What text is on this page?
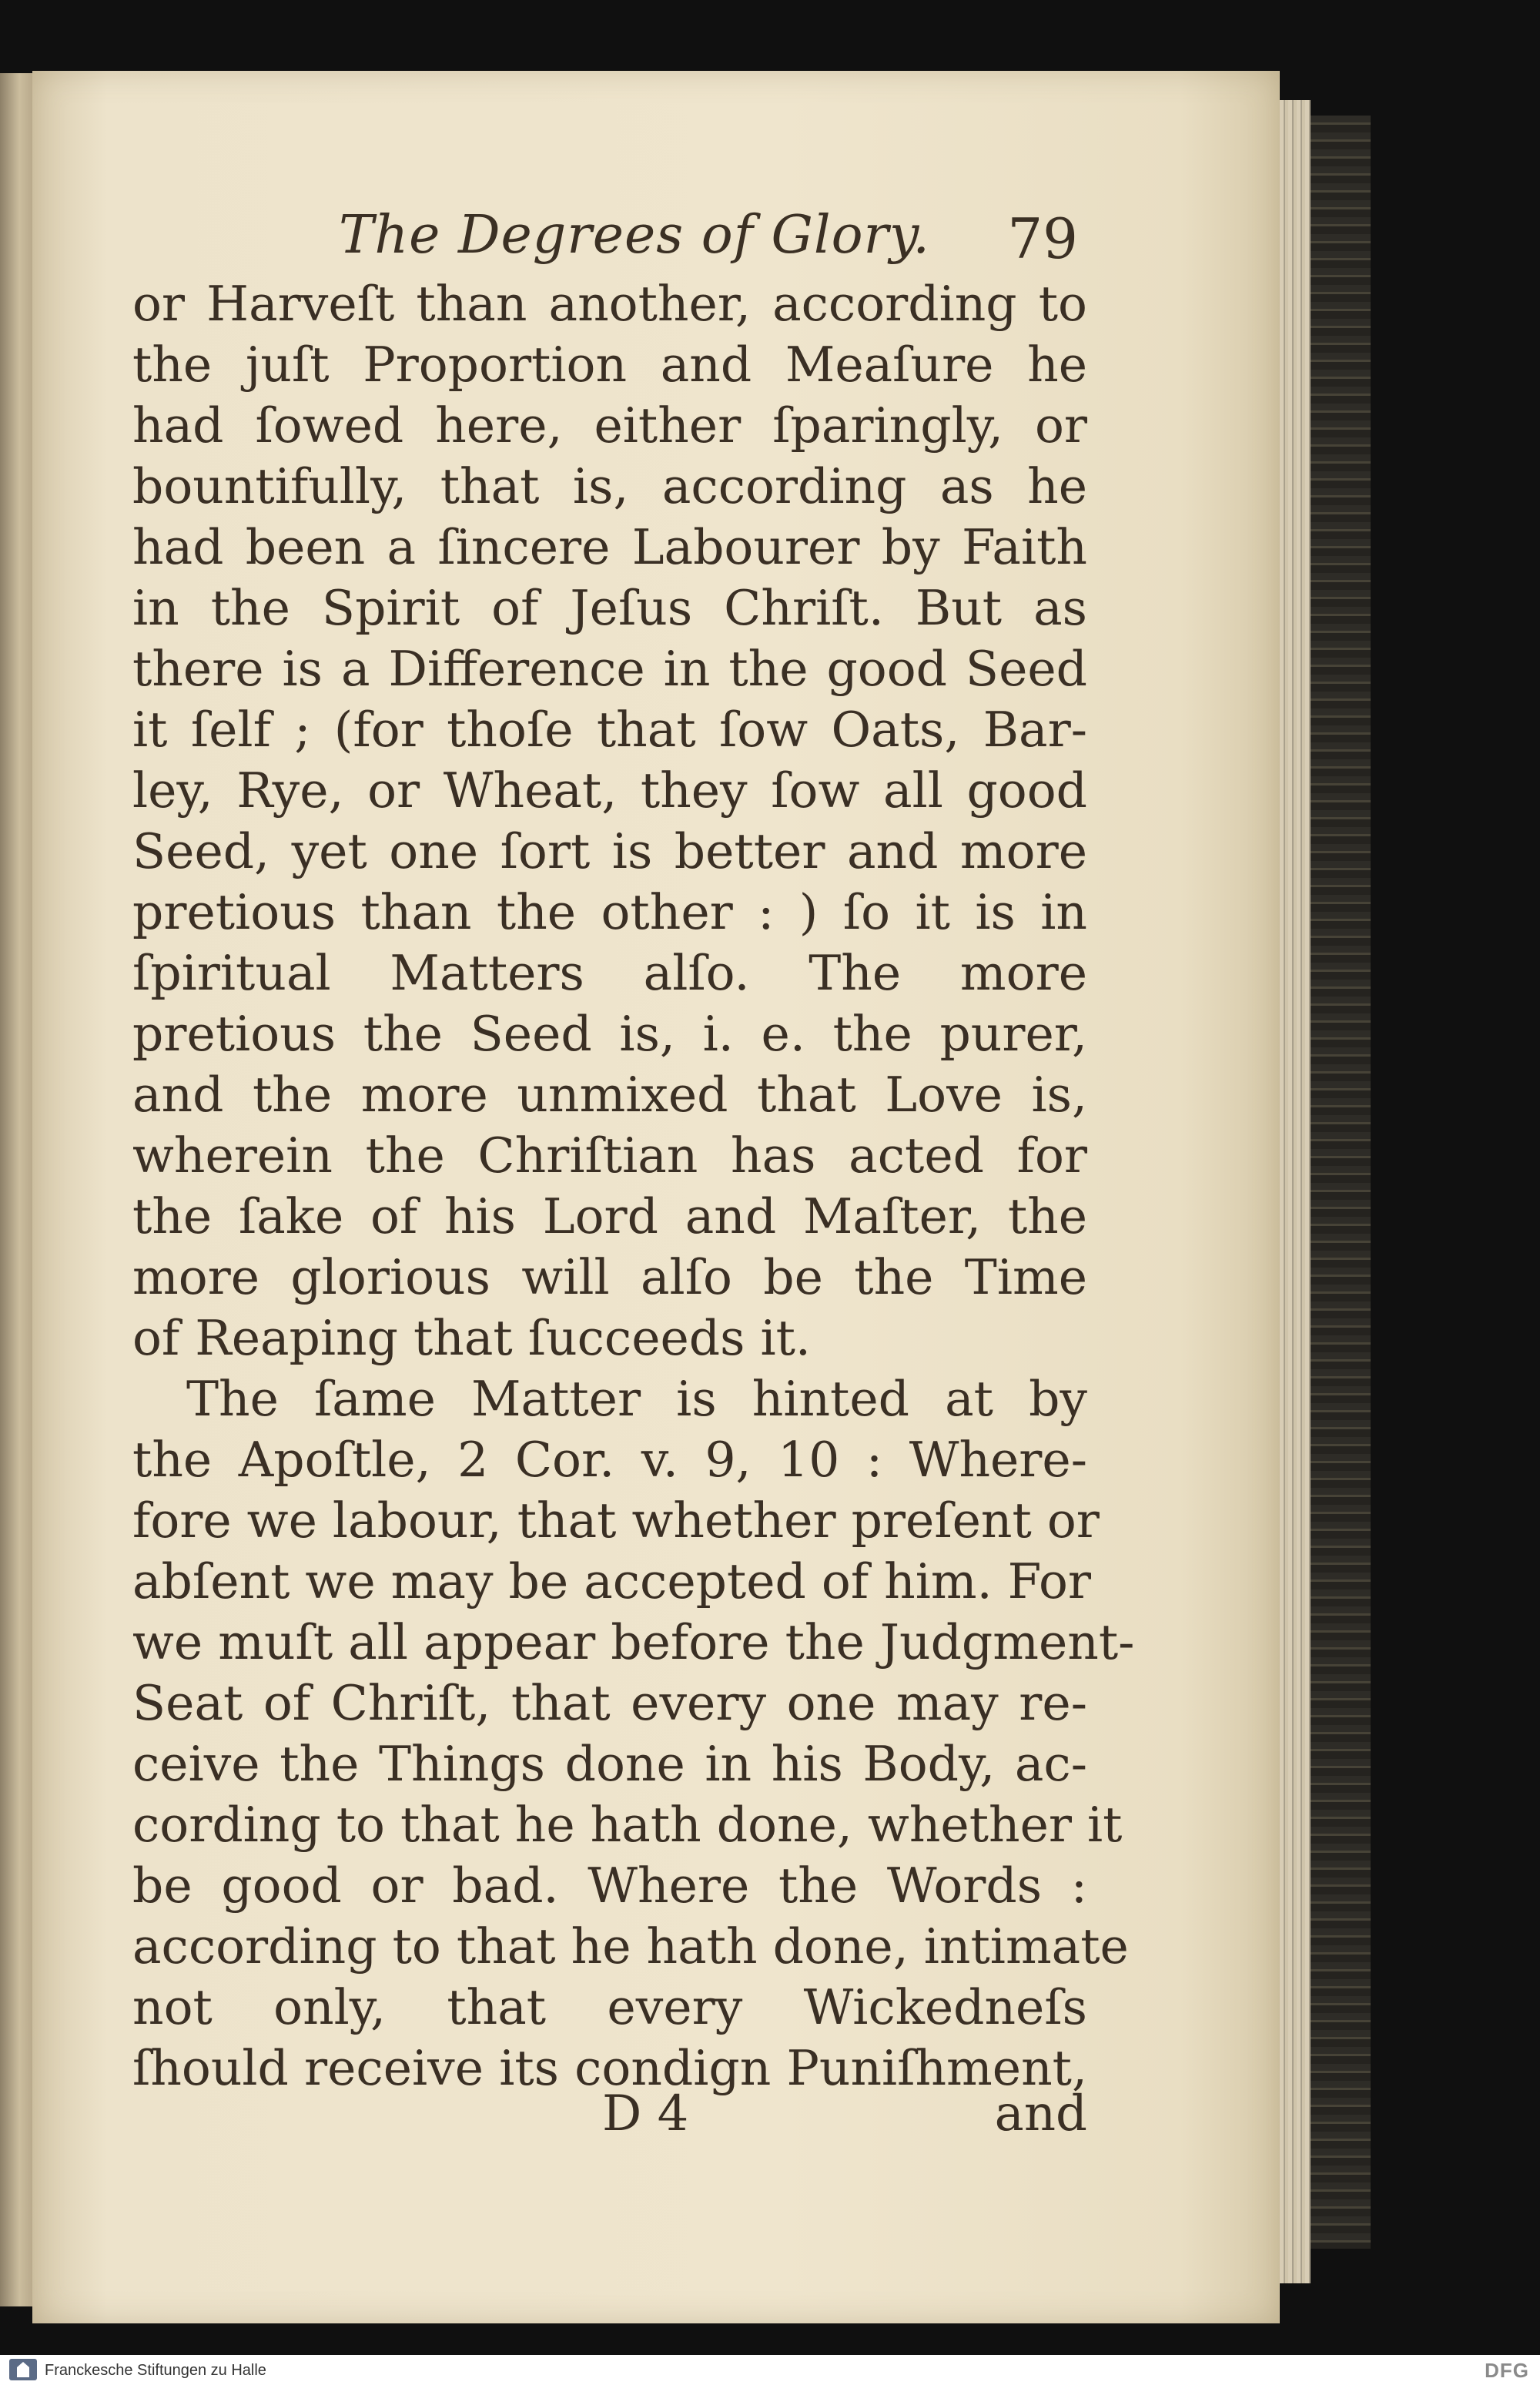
The Degrees of Glory. 79
or Harveſt than another, according to
the juſt Proportion and Meaſure he
had ſowed here, either ſparingly, or
bountifully, that is, according as he
had been a ſincere Labourer by Faith
in the Spirit of Jeſus Chriſt. But as
there is a Difference in the good Seed
it ſelf ; (for thoſe that ſow Oats, Bar-
ley, Rye, or Wheat, they ſow all good
Seed, yet one ſort is better and more
pretious than the other : ) ſo it is in
ſpiritual Matters alſo. The more
pretious the Seed is, i. e. the purer,
and the more unmixed that Love is,
wherein the Chriſtian has acted for
the ſake of his Lord and Maſter, the
more glorious will alſo be the Time
of Reaping that ſucceeds it.
The ſame Matter is hinted at by
the Apoſtle, 2 Cor. v. 9, 10 : Where-
fore we labour, that whether preſent or
abſent we may be accepted of him. For
we muſt all appear before the Judgment-
Seat of Chriſt, that every one may re-
ceive the Things done in his Body, ac-
cording to that he hath done, whether it
be good or bad. Where the Words :
according to that he hath done, intimate
not only, that every Wickedneſs
ſhould receive its condign Puniſhment,
D 4	and
Franckesche Stiftungen zu Halle	DFG
